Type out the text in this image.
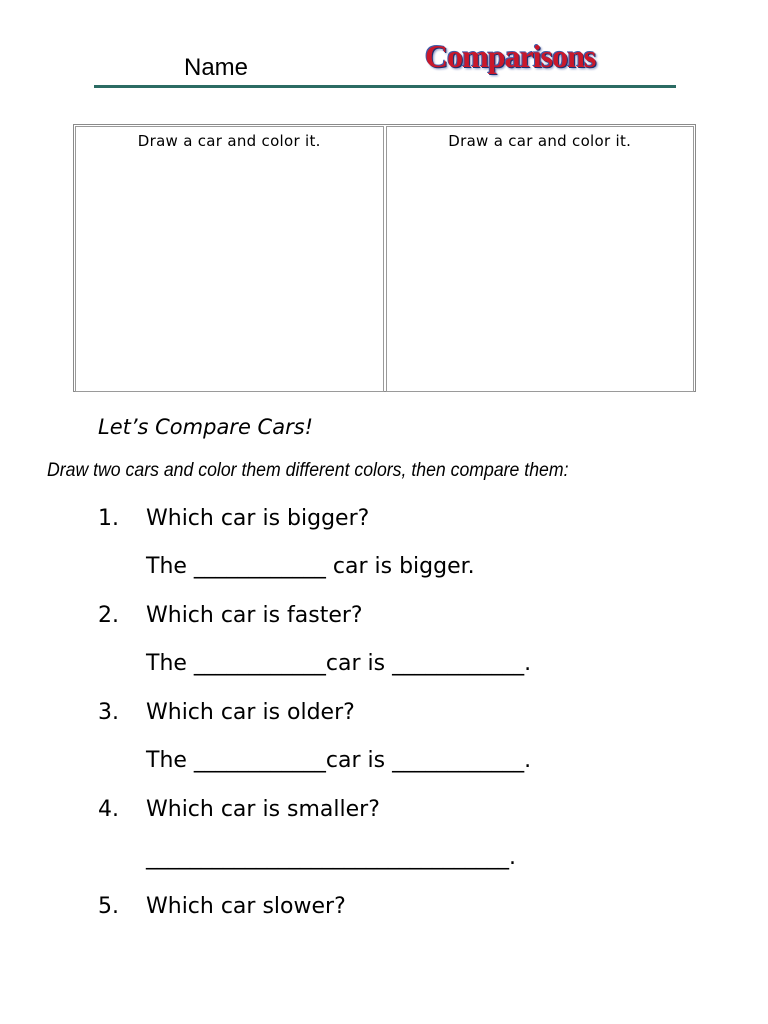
Name	Comparisons
Draw a car and color it.	Draw a car and color it.
Let’s Compare Cars!
Draw two cars and color them different colors, then compare them:
1. Which car is bigger?
The ____________ car is bigger.
2. Which car is faster?
The ____________car is ____________.
3. Which car is older?
The ____________car is ____________.
4. Which car is smaller?
_________________________________.
5. Which car slower?
